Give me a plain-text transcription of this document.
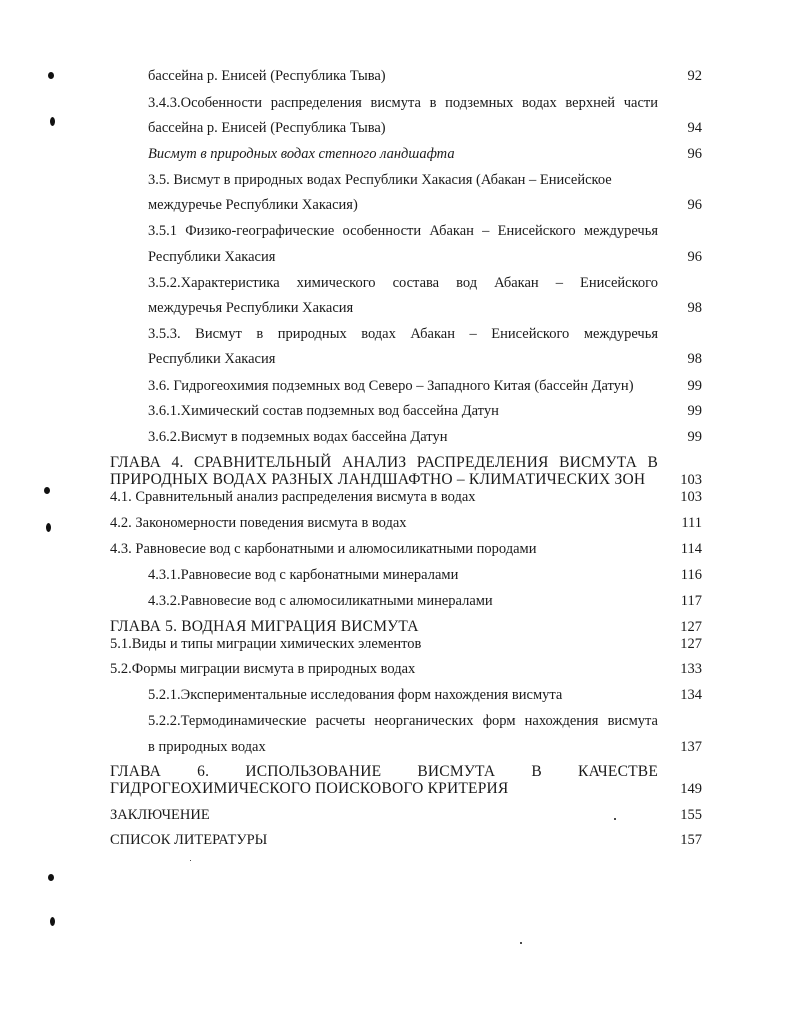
бассейна р. Енисей (Республика Тыва)	92
3.4.3.Особенности распределения висмута в подземных водах верхней части
бассейна р. Енисей (Республика Тыва)	94
Висмут в природных водах степного ландшафта	96
3.5. Висмут в природных водах Республики Хакасия (Абакан – Енисейское
междуречье Республики Хакасия)	96
3.5.1 Физико-географические особенности Абакан – Енисейского междуречья
Республики Хакасия	96
3.5.2.Характеристика химического состава вод Абакан – Енисейского
междуречья Республики Хакасия	98
3.5.3. Висмут в природных водах Абакан – Енисейского междуречья
Республики Хакасия	98
3.6. Гидрогеохимия подземных вод Северо – Западного Китая (бассейн Датун)	99
3.6.1.Химический состав подземных вод бассейна Датун	99
3.6.2.Висмут в подземных водах бассейна Датун	99
ГЛАВА 4. СРАВНИТЕЛЬНЫЙ АНАЛИЗ РАСПРЕДЕЛЕНИЯ ВИСМУТА В
ПРИРОДНЫХ ВОДАХ РАЗНЫХ ЛАНДШАФТНО – КЛИМАТИЧЕСКИХ ЗОН	103
4.1. Сравнительный анализ распределения висмута в водах	103
4.2. Закономерности поведения висмута в водах	111
4.3. Равновесие вод с карбонатными и алюмосиликатными породами	114
4.3.1.Равновесие вод с карбонатными минералами	116
4.3.2.Равновесие вод с алюмосиликатными минералами	117
ГЛАВА 5. ВОДНАЯ МИГРАЦИЯ ВИСМУТА	127
5.1.Виды и типы миграции химических элементов	127
5.2.Формы миграции висмута в природных водах	133
5.2.1.Экспериментальные исследования форм нахождения висмута	134
5.2.2.Термодинамические расчеты неорганических форм нахождения висмута
в природных водах	137
ГЛАВА 6. ИСПОЛЬЗОВАНИЕ ВИСМУТА В КАЧЕСТВЕ
ГИДРОГЕОХИМИЧЕСКОГО ПОИСКОВОГО КРИТЕРИЯ	149
ЗАКЛЮЧЕНИЕ	155
СПИСОК ЛИТЕРАТУРЫ	157
